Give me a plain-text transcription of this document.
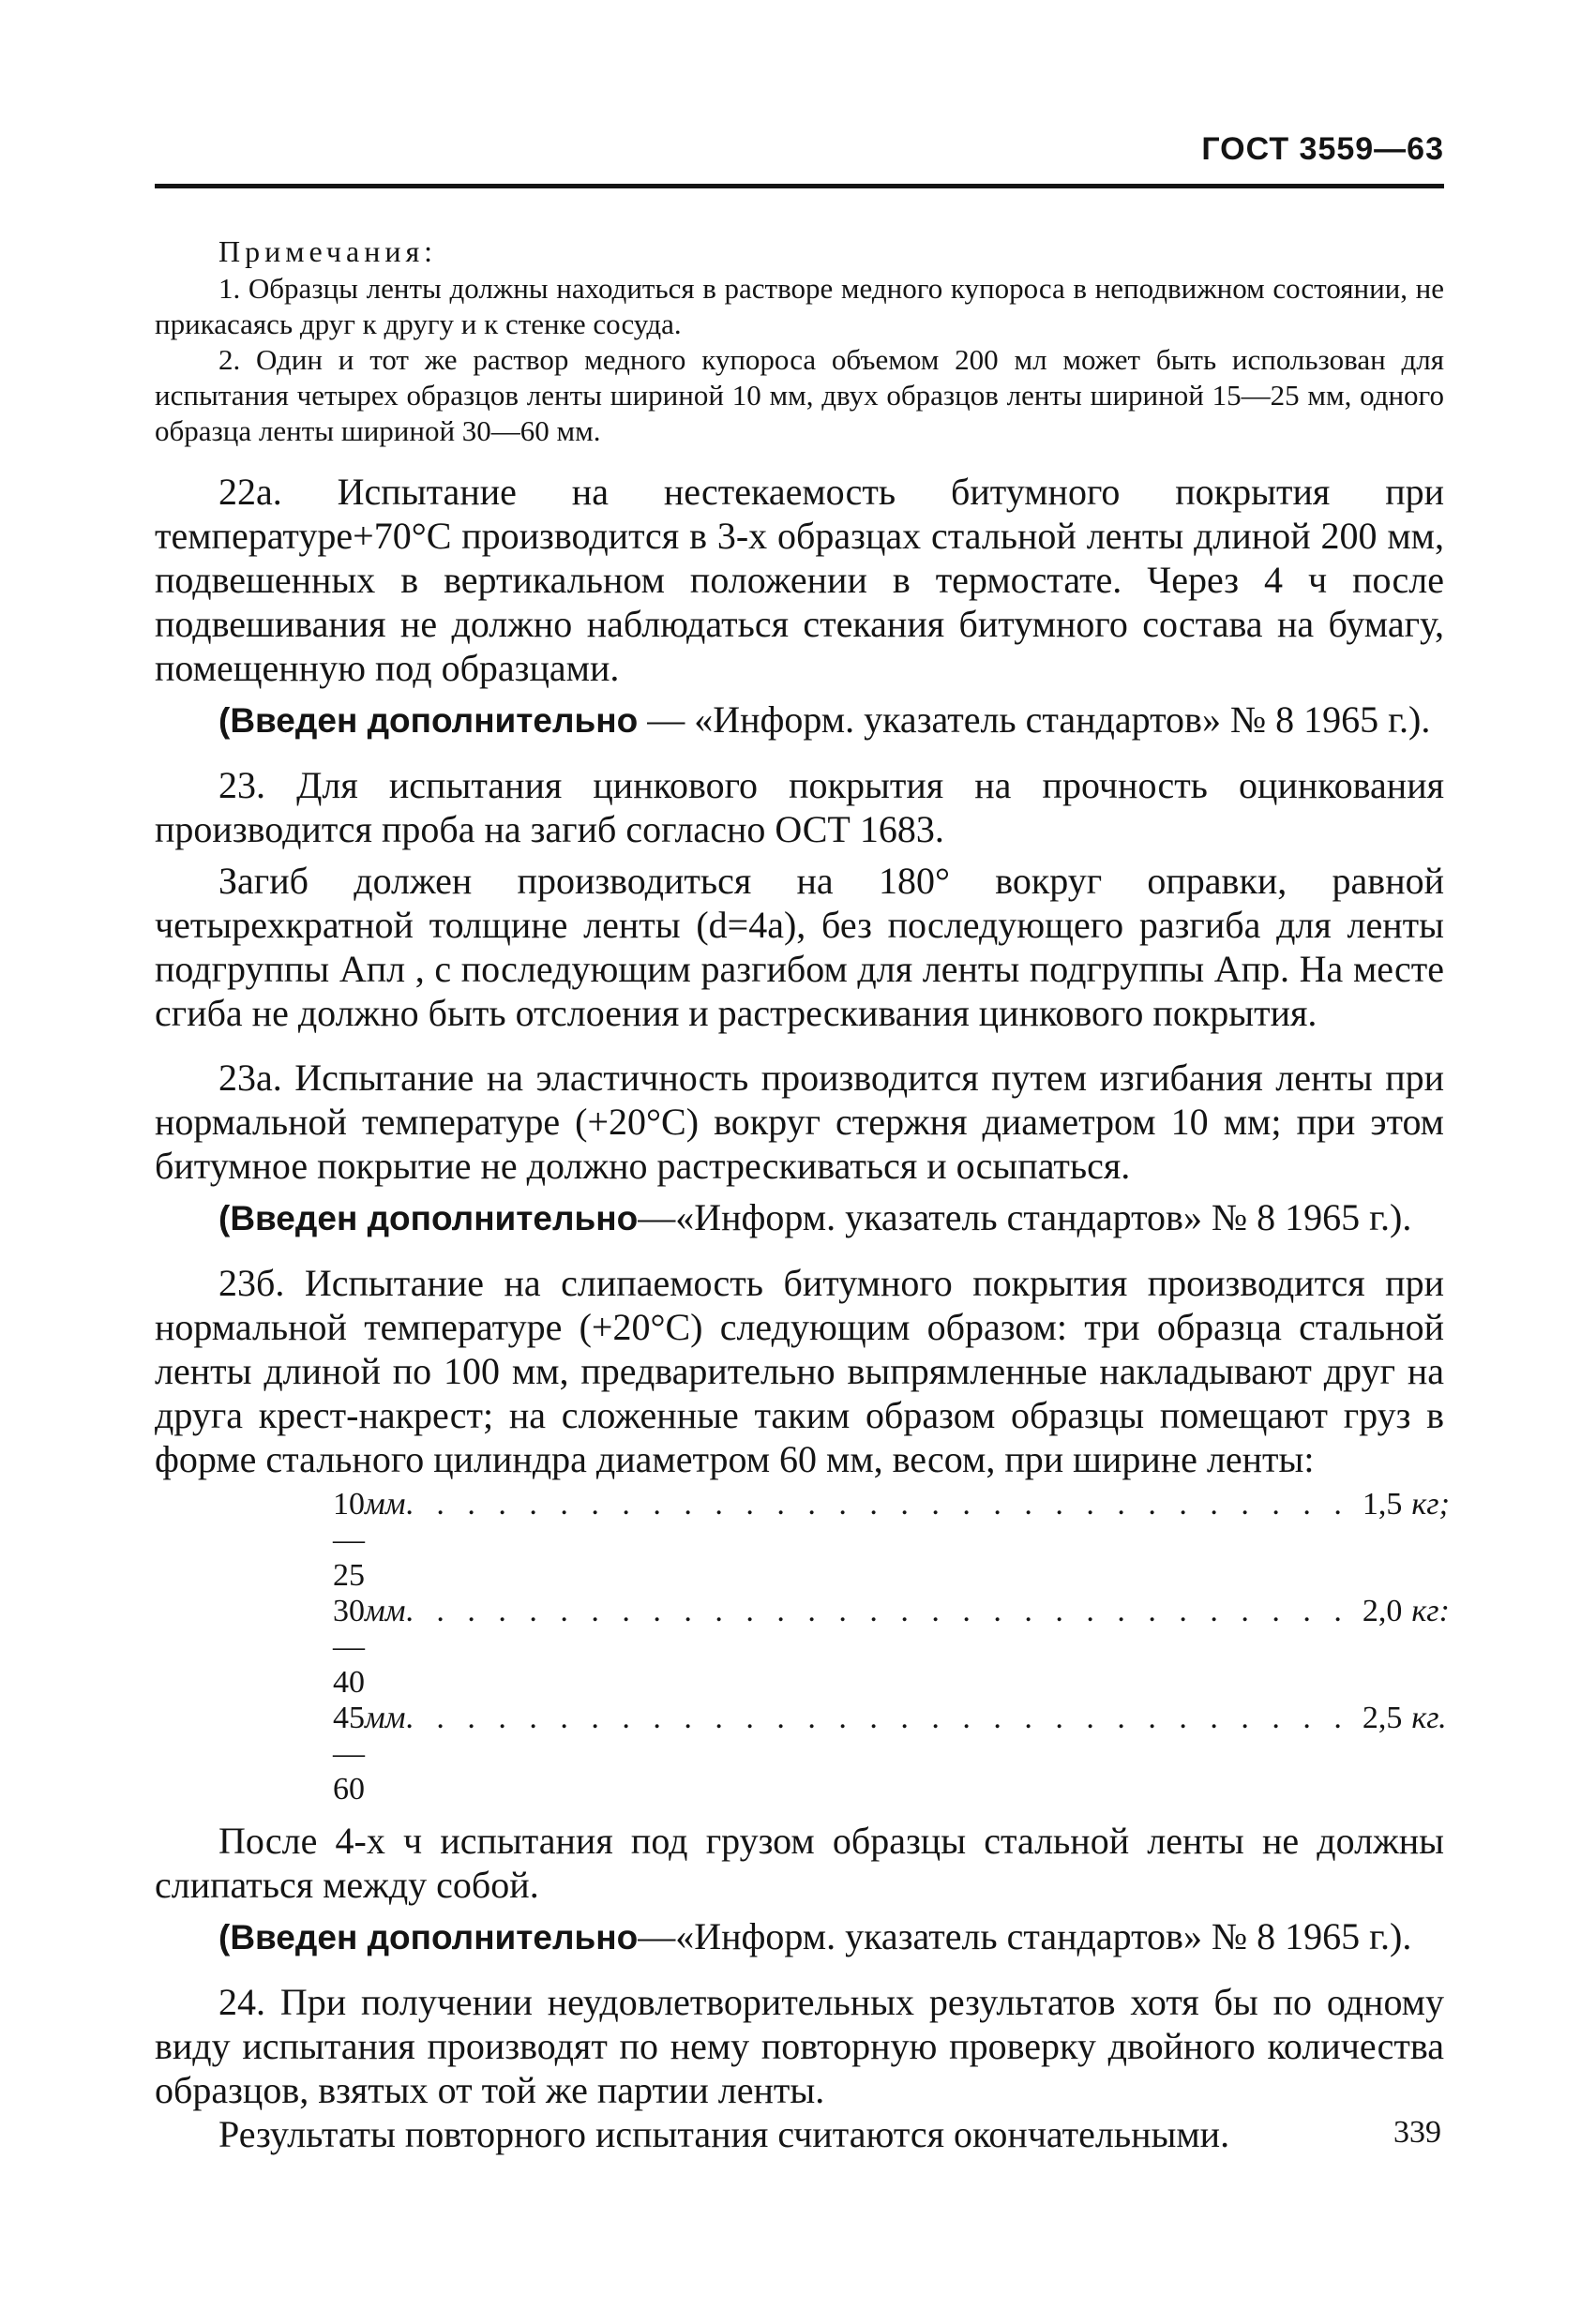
ГОСТ 3559—63
Примечания:

1. Образцы ленты должны находиться в растворе медного купороса в неподвижном состоянии, не прикасаясь друг к другу и к стенке сосуда.

2. Один и тот же раствор медного купороса объемом 200 мл может быть использован для испытания четырех образцов ленты шириной 10 мм, двух образцов ленты шириной 15—25 мм, одного образца ленты шириной 30—60 мм.

22а. Испытание на нестекаемость битумного покрытия при температуре+70°С производится в 3-х образцах стальной ленты длиной 200 мм, подвешенных в вертикальном положении в термостате. Через 4 ч после подвешивания не должно наблюдаться стекания битумного состава на бумагу, помещенную под образцами.

(Введен дополнительно — «Информ. указатель стандартов» № 8 1965 г.).

23. Для испытания цинкового покрытия на прочность оцинкования производится проба на загиб согласно ОСТ 1683.

Загиб должен производиться на 180° вокруг оправки, равной четырехкратной толщине ленты (d=4a), без последующего разгиба для ленты подгруппы Апл , с последующим разгибом для ленты подгруппы Апр. На месте сгиба не должно быть отслоения и растрескивания цинкового покрытия.

23а. Испытание на эластичность производится путем изгибания ленты при нормальной температуре (+20°С) вокруг стержня диаметром 10 мм; при этом битумное покрытие не должно растрескиваться и осыпаться.

(Введен дополнительно—«Информ. указатель стандартов» № 8 1965 г.).

23б. Испытание на слипаемость битумного покрытия производится при нормальной температуре (+20°С) следующим образом: три образца стальной ленты длиной по 100 мм, предварительно выпрямленные накладывают друг на друга крест-накрест; на сложенные таким образом образцы помещают груз в форме стального цилиндра диаметром 60 мм, весом, при ширине ленты:

10—25
мм . . . . . . . . . . . . . . . . . . . . . . . . . . . . . . . 1,5 кг;
30—40
мм . . . . . . . . . . . . . . . . . . . . . . . . . . . . . . . 2,0 кг:
45—60
мм . . . . . . . . . . . . . . . . . . . . . . . . . . . . . . . 2,5 кг.

После 4-х ч испытания под грузом образцы стальной ленты не должны слипаться между собой.

(Введен дополнительно—«Информ. указатель стандартов» № 8 1965 г.).

24. При получении неудовлетворительных результатов хотя бы по одному виду испытания производят по нему повторную проверку двойного количества образцов, взятых от той же партии ленты.

Результаты повторного испытания считаются окончательными.	339
